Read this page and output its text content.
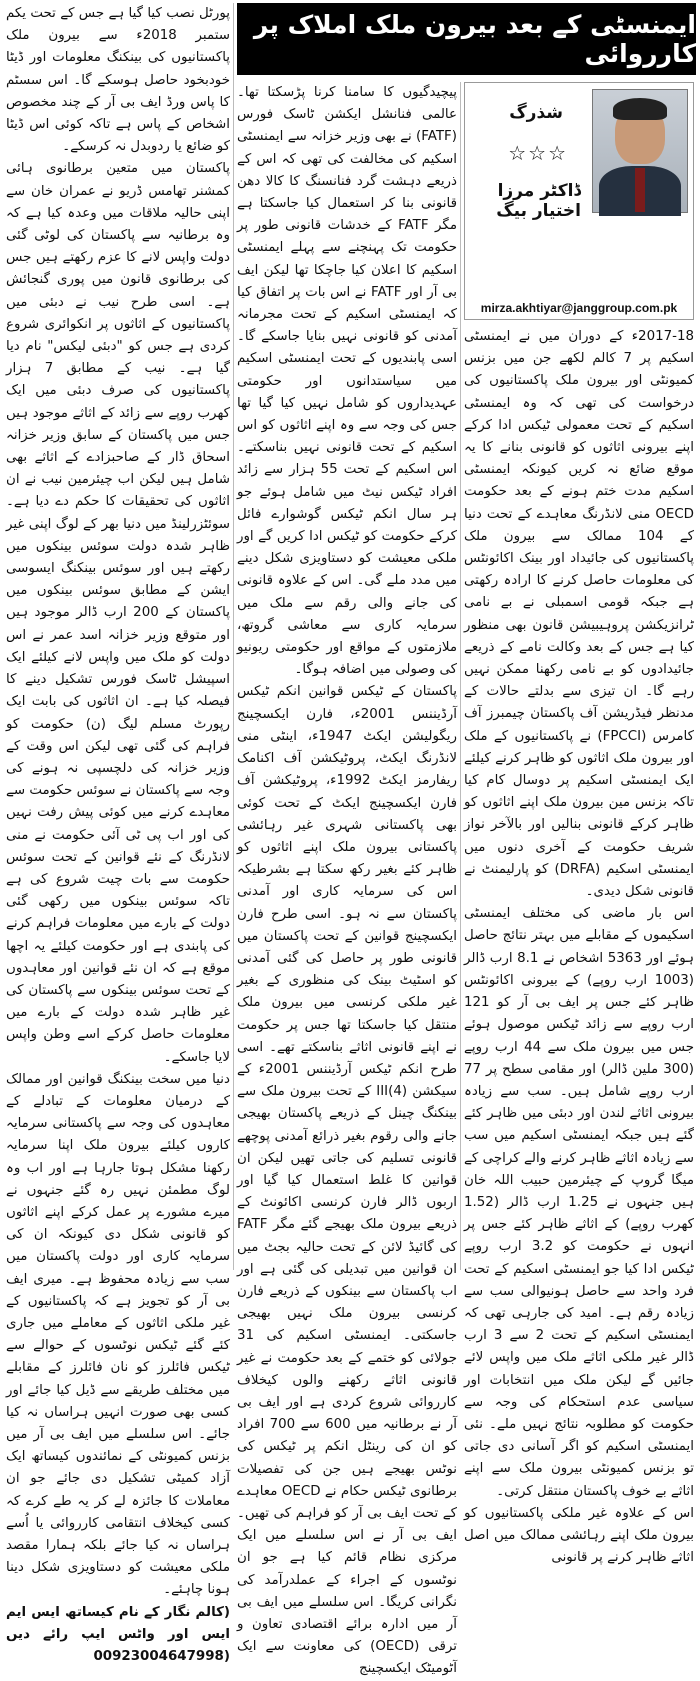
ایمنسٹی کے بعد بیرون ملک املاک پر کارروائی
شذرگ
☆☆☆
ڈاکٹر مرزا اختیار بیگ
mirza.akhtiyar@janggroup.com.pk

2017-18ء کے دوران میں نے ایمنسٹی اسکیم پر 7 کالم لکھے جن میں بزنس کمیونٹی اور بیرون ملک پاکستانیوں کی درخواست کی تھی کہ وہ ایمنسٹی اسکیم کے تحت معمولی ٹیکس ادا کرکے اپنے بیرونی اثاثوں کو قانونی بنانے کا یہ موقع ضائع نہ کریں کیونکہ ایمنسٹی اسکیم مدت ختم ہونے کے بعد حکومت OECD منی لانڈرنگ معاہدے کے تحت دنیا کے 104 ممالک سے بیرون ملک پاکستانیوں کی جائیداد اور بینک اکائونٹس کی معلومات حاصل کرنے کا ارادہ رکھتی ہے جبکہ قومی اسمبلی نے بے نامی ٹرانزیکشن پروہیبیشن قانون بھی منظور کیا ہے جس کے بعد وکالت نامے کے ذریعے جائیدادوں کو بے نامی رکھنا ممکن نہیں رہے گا۔ ان تیزی سے بدلتے حالات کے مدنظر فیڈریشن آف پاکستان چیمبرز آف کامرس (FPCCI) نے پاکستانیوں کے ملک اور بیرون ملک اثاثوں کو ظاہر کرنے کیلئے ایک ایمنسٹی اسکیم پر دوسال کام کیا تاکہ بزنس مین بیرون ملک اپنے اثاثوں کو ظاہر کرکے قانونی بنالیں اور بالآخر نواز شریف حکومت کے آخری دنوں میں ایمنسٹی اسکیم (DRFA) کو پارلیمنٹ نے قانونی شکل دیدی۔

اس بار ماضی کی مختلف ایمنسٹی اسکیموں کے مقابلے میں بہتر نتائج حاصل ہوئے اور 5363 اشخاص نے 8.1 ارب ڈالر (1003 ارب روپے) کے بیرونی اکائونٹس ظاہر کئے جس پر ایف بی آر کو 121 ارب روپے سے زائد ٹیکس موصول ہوئے جس میں بیرون ملک سے 44 ارب روپے (300 ملین ڈالر) اور مقامی سطح پر 77 ارب روپے شامل ہیں۔ سب سے زیادہ بیرونی اثاثے لندن اور دبئی میں ظاہر کئے گئے ہیں جبکہ ایمنسٹی اسکیم میں سب سے زیادہ اثاثے ظاہر کرنے والے کراچی کے میگا گروپ کے چیئرمین حبیب اللہ خان ہیں جنہوں نے 1.25 ارب ڈالر (1.52 کھرب روپے) کے اثاثے ظاہر کئے جس پر انہوں نے حکومت کو 3.2 ارب روپے ٹیکس ادا کیا جو ایمنسٹی اسکیم کے تحت فرد واحد سے حاصل ہونیوالی سب سے زیادہ رقم ہے۔ امید کی جارہی تھی کہ ایمنسٹی اسکیم کے تحت 2 سے 3 ارب ڈالر غیر ملکی اثاثے ملک میں واپس لائے جائیں گے لیکن ملک میں انتخابات اور سیاسی عدم استحکام کی وجہ سے حکومت کو مطلوبہ نتائج نہیں ملے۔ نئی ایمنسٹی اسکیم کو اگر آسانی دی جاتی تو بزنس کمیونٹی بیرون ملک سے اپنے اثاثے بے خوف پاکستان منتقل کرتی۔

اس کے علاوہ غیر ملکی پاکستانیوں کو بیرون ملک اپنے رہائشی ممالک میں اصل اثاثے ظاہر کرنے پر قانونی

پیچیدگیوں کا سامنا کرنا پڑسکتا تھا۔ عالمی فنانشل ایکشن ٹاسک فورس (FATF) نے بھی وزیر خزانہ سے ایمنسٹی اسکیم کی مخالفت کی تھی کہ اس کے ذریعے دہشت گرد فنانسنگ کا کالا دھن قانونی بنا کر استعمال کیا جاسکتا ہے مگر FATF کے خدشات قانونی طور پر حکومت تک پہنچنے سے پہلے ایمنسٹی اسکیم کا اعلان کیا جاچکا تھا لیکن ایف بی آر اور FATF نے اس بات پر اتفاق کیا کہ ایمنسٹی اسکیم کے تحت مجرمانہ آمدنی کو قانونی نہیں بنایا جاسکے گا۔ اسی پابندیوں کے تحت ایمنسٹی اسکیم میں سیاستدانوں اور حکومتی عہدیداروں کو شامل نہیں کیا گیا تھا جس کی وجہ سے وہ اپنے اثاثوں کو اس اسکیم کے تحت قانونی نہیں بناسکتے۔ اس اسکیم کے تحت 55 ہزار سے زائد افراد ٹیکس نیٹ میں شامل ہوئے جو ہر سال انکم ٹیکس گوشوارے فائل کرکے حکومت کو ٹیکس ادا کریں گے اور ملکی معیشت کو دستاویزی شکل دینے میں مدد ملے گی۔ اس کے علاوہ قانونی کی جانے والی رقم سے ملک میں سرمایہ کاری سے معاشی گروتھ، ملازمتوں کے مواقع اور حکومتی ریونیو کی وصولی میں اضافہ ہوگا۔

پاکستان کے ٹیکس قوانین انکم ٹیکس آرڈیننس 2001ء، فارن ایکسچینج ریگولیشن ایکٹ 1947ء، اینٹی منی لانڈرنگ ایکٹ، پروٹیکشن آف اکنامک ریفارمز ایکٹ 1992ء، پروٹیکشن آف فارن ایکسچینج ایکٹ کے تحت کوئی بھی پاکستانی شہری غیر رہائشی پاکستانی بیرون ملک اپنے اثاثوں کو ظاہر کئے بغیر رکھ سکتا ہے بشرطیکہ اس کی سرمایہ کاری اور آمدنی پاکستان سے نہ ہو۔ اسی طرح فارن ایکسچینج قوانین کے تحت پاکستان میں قانونی طور پر حاصل کی گئی آمدنی کو اسٹیٹ بینک کی منظوری کے بغیر غیر ملکی کرنسی میں بیرون ملک منتقل کیا جاسکتا تھا جس پر حکومت نے اپنے قانونی اثاثے بناسکتے تھے۔ اسی طرح انکم ٹیکس آرڈیننس 2001ء کے سیکشن III(4) کے تحت بیرون ملک سے بینکنگ چینل کے ذریعے پاکستان بھیجی جانے والی رقوم بغیر ذرائع آمدنی پوچھے قانونی تسلیم کی جاتی تھیں لیکن ان قوانین کا غلط استعمال کیا گیا اور اربوں ڈالر فارن کرنسی اکائونٹ کے ذریعے بیرون ملک بھیجے گئے مگر FATF کی گائیڈ لائن کے تحت حالیہ بجٹ میں ان قوانین میں تبدیلی کی گئی ہے اور اب پاکستان سے بینکوں کے ذریعے فارن کرنسی بیرون ملک نہیں بھیجی جاسکتی۔ ایمنسٹی اسکیم کی 31 جولائی کو ختمے کے بعد حکومت نے غیر قانونی اثاثے رکھنے والوں کیخلاف کارروائی شروع کردی ہے اور ایف بی آر نے برطانیہ میں 600 سے 700 افراد کو ان کی رینٹل انکم پر ٹیکس کی نوٹس بھیجے ہیں جن کی تفصیلات برطانوی ٹیکس حکام نے OECD معاہدے کے تحت ایف بی آر کو فراہم کی تھیں۔ ایف بی آر نے اس سلسلے میں ایک مرکزی نظام قائم کیا ہے جو ان نوٹسوں کے اجراء کے عملدرآمد کی نگرانی کریگا۔ اس سلسلے میں ایف بی آر میں ادارہ برائے اقتصادی تعاون و ترقی (OECD) کی معاونت سے ایک آٹومیٹک ایکسچینج

پورٹل نصب کیا گیا ہے جس کے تحت یکم ستمبر 2018ء سے بیرون ملک پاکستانیوں کی بینکنگ معلومات اور ڈیٹا خودبخود حاصل ہوسکے گا۔ اس سسٹم کا پاس ورڈ ایف بی آر کے چند مخصوص اشخاص کے پاس ہے تاکہ کوئی اس ڈیٹا کو ضائع یا ردوبدل نہ کرسکے۔

پاکستان میں متعین برطانوی ہائی کمشنر تھامس ڈریو نے عمران خان سے اپنی حالیہ ملاقات میں وعدہ کیا ہے کہ وہ برطانیہ سے پاکستان کی لوٹی گئی دولت واپس لانے کا عزم رکھتے ہیں جس کی برطانوی قانون میں پوری گنجائش ہے۔ اسی طرح نیب نے دبئی میں پاکستانیوں کے اثاثوں پر انکوائری شروع کردی ہے جس کو "دبئی لیکس" نام دیا گیا ہے۔ نیب کے مطابق 7 ہزار پاکستانیوں کی صرف دبئی میں ایک کھرب روپے سے زائد کے اثاثے موجود ہیں جس میں پاکستان کے سابق وزیر خزانہ اسحاق ڈار کے صاحبزادے کے اثاثے بھی شامل ہیں لیکن اب چیئرمین نیب نے ان اثاثوں کی تحقیقات کا حکم دے دیا ہے۔ سوئٹزرلینڈ میں دنیا بھر کے لوگ اپنی غیر ظاہر شدہ دولت سوئس بینکوں میں رکھتے ہیں اور سوئس بینکنگ ایسوسی ایشن کے مطابق سوئس بینکوں میں پاکستان کے 200 ارب ڈالر موجود ہیں اور متوقع وزیر خزانہ اسد عمر نے اس دولت کو ملک میں واپس لانے کیلئے ایک اسپیشل ٹاسک فورس تشکیل دینے کا فیصلہ کیا ہے۔ ان اثاثوں کی بابت ایک رپورٹ مسلم لیگ (ن) حکومت کو فراہم کی گئی تھی لیکن اس وقت کے وزیر خزانہ کی دلچسپی نہ ہونے کی وجہ سے پاکستان نے سوئس حکومت سے معاہدے کرنے میں کوئی پیش رفت نہیں کی اور اب پی ٹی آئی حکومت نے منی لانڈرنگ کے نئے قوانین کے تحت سوئس حکومت سے بات چیت شروع کی ہے تاکہ سوئس بینکوں میں رکھی گئی دولت کے بارے میں معلومات فراہم کرنے کی پابندی ہے اور حکومت کیلئے یہ اچھا موقع ہے کہ ان نئے قوانین اور معاہدوں کے تحت سوئس بینکوں سے پاکستان کی غیر ظاہر شدہ دولت کے بارے میں معلومات حاصل کرکے اسے وطن واپس لایا جاسکے۔

دنیا میں سخت بینکنگ قوانین اور ممالک کے درمیان معلومات کے تبادلے کے معاہدوں کی وجہ سے پاکستانی سرمایہ کاروں کیلئے بیرون ملک اپنا سرمایہ رکھنا مشکل ہوتا جارہا ہے اور اب وہ لوگ مطمئن نہیں رہ گئے جنہوں نے میرے مشورے پر عمل کرکے اپنے اثاثوں کو قانونی شکل دی کیونکہ ان کی سرمایہ کاری اور دولت پاکستان میں سب سے زیادہ محفوظ ہے۔ میری ایف بی آر کو تجویز ہے کہ پاکستانیوں کے غیر ملکی اثاثوں کے معاملے میں جاری کئے گئے ٹیکس نوٹسوں کے حوالے سے ٹیکس فائلرز کو نان فائلرز کے مقابلے میں مختلف طریقے سے ڈیل کیا جائے اور کسی بھی صورت انہیں ہراساں نہ کیا جائے۔ اس سلسلے میں ایف بی آر میں بزنس کمیونٹی کے نمائندوں کیساتھ ایک آزاد کمیٹی تشکیل دی جائے جو ان معاملات کا جائزہ لے کر یہ طے کرے کہ کسی کیخلاف انتقامی کارروائی یا اُسے ہراساں نہ کیا جائے بلکہ ہمارا مقصد ملکی معیشت کو دستاویزی شکل دینا ہونا چاہئے۔

(کالم نگار کے نام کیساتھ ایس ایم ایس اور واٹس ایپ رائے دیں 00923004647998)
